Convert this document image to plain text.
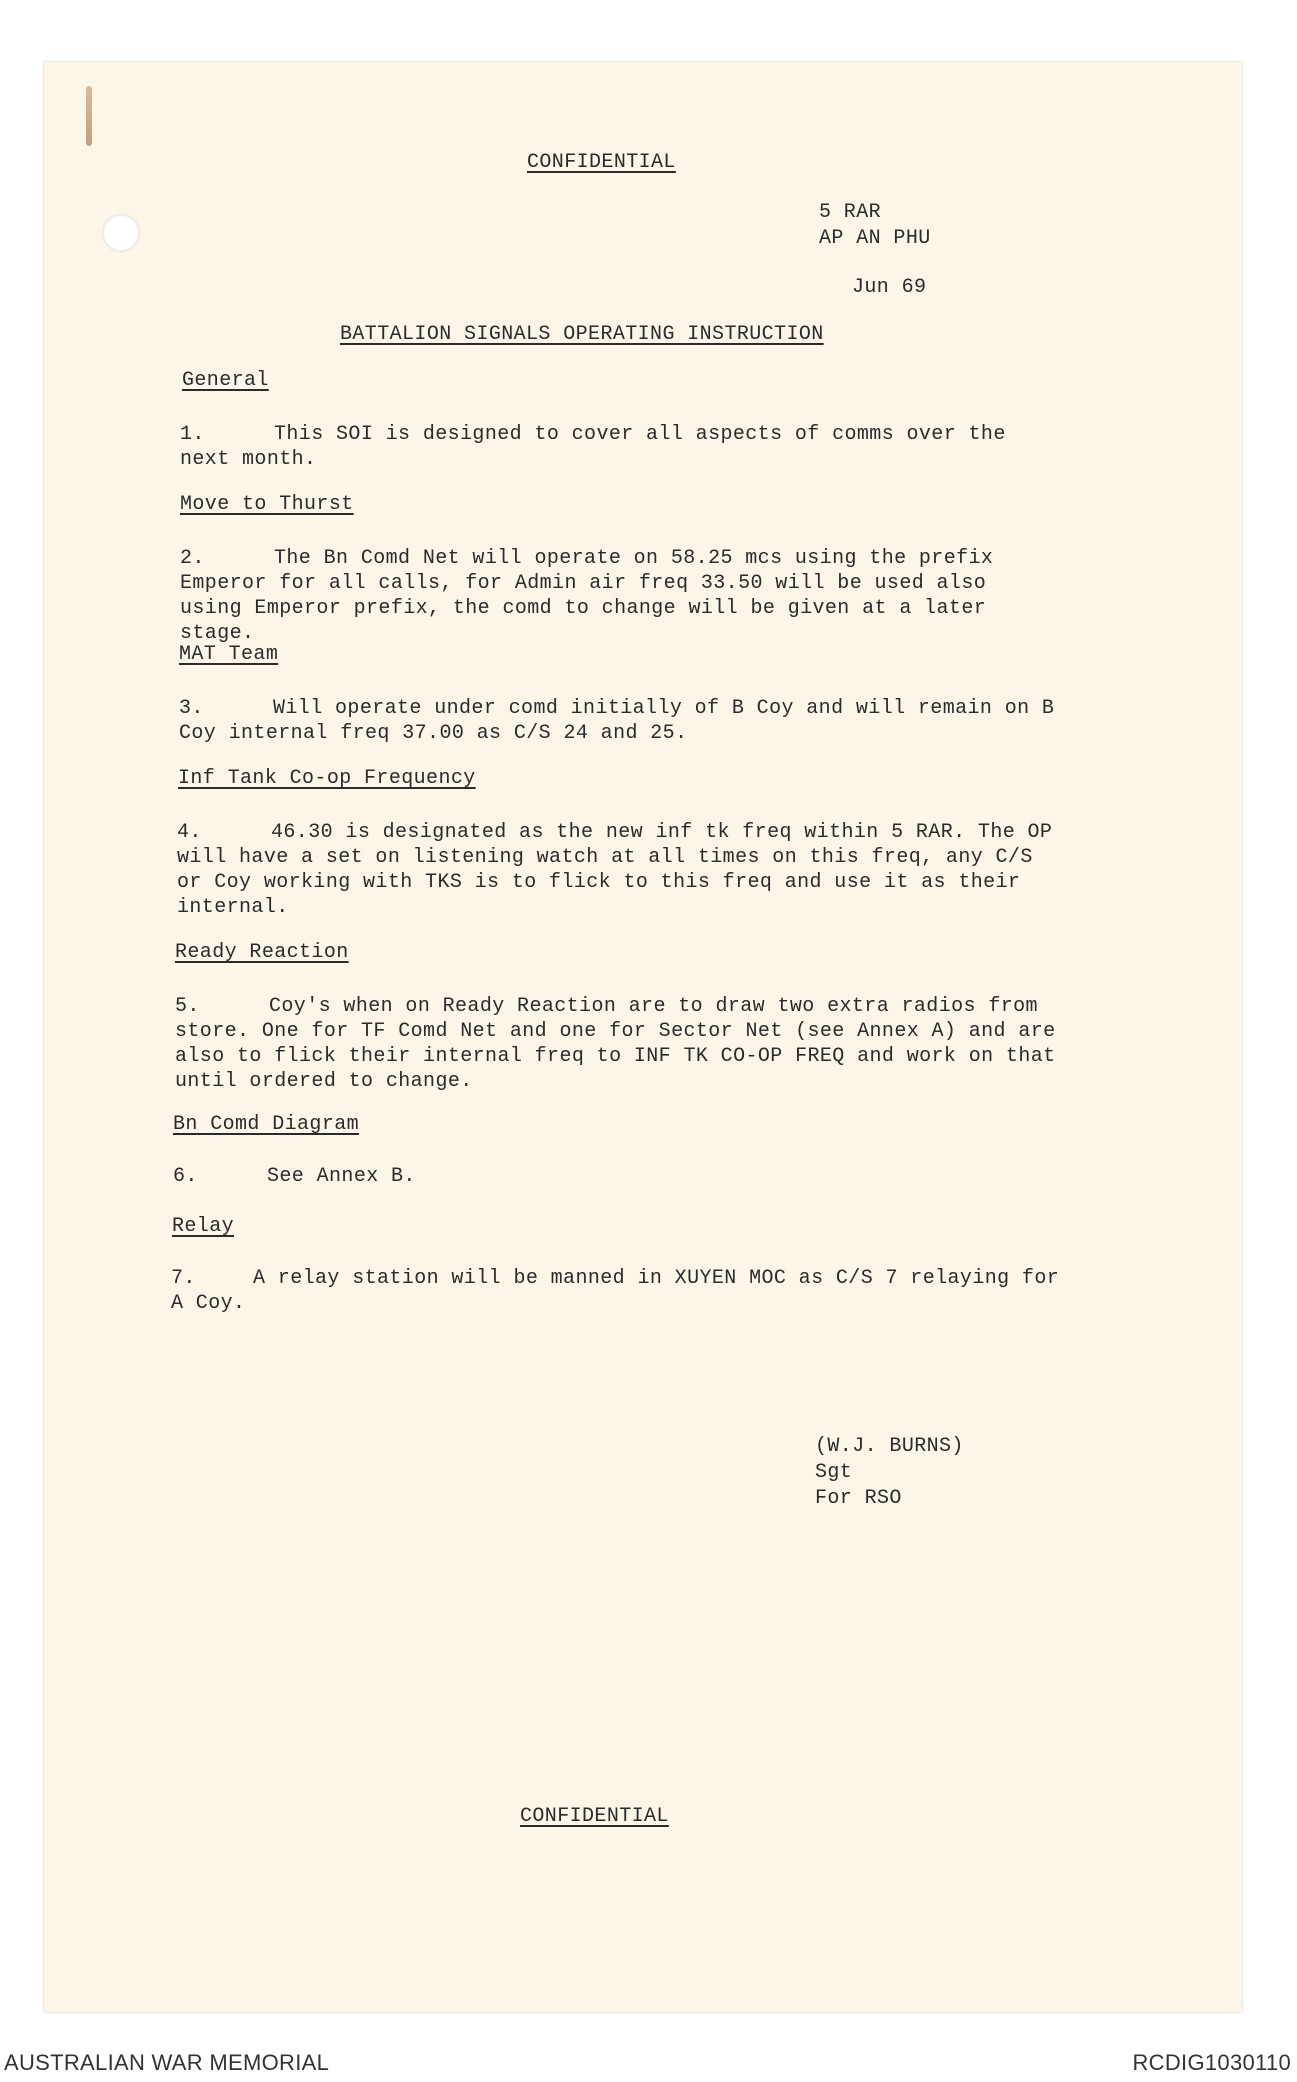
CONFIDENTIAL
5 RAR
AP AN PHU
Jun 69
BATTALION SIGNALS OPERATING INSTRUCTION
General
1.	This SOI is designed to cover all aspects of comms over the next month.
Move to Thurst
2.	The Bn Comd Net will operate on 58.25 mcs using the prefix Emperor for all calls, for Admin air freq 33.50 will be used also using Emperor prefix, the comd to change will be given at a later stage.
MAT Team
3.	Will operate under comd initially of B Coy and will remain on B Coy internal freq 37.00 as C/S 24 and 25.
Inf Tank Co-op Frequency
4.	46.30 is designated as the new inf tk freq within 5 RAR. The OP will have a set on listening watch at all times on this freq, any C/S or Coy working with TKS is to flick to this freq and use it as their internal.
Ready Reaction
5.	Coy's when on Ready Reaction are to draw two extra radios from store. One for TF Comd Net and one for Sector Net (see Annex A) and are also to flick their internal freq to INF TK CO-OP FREQ and work on that until ordered to change.
Bn Comd Diagram
6.	See Annex B.
Relay
7.	A relay station will be manned in XUYEN MOC as C/S 7 relaying for A Coy.
(W.J. BURNS)
Sgt
For RSO
CONFIDENTIAL
AUSTRALIAN WAR MEMORIAL	RCDIG1030110
